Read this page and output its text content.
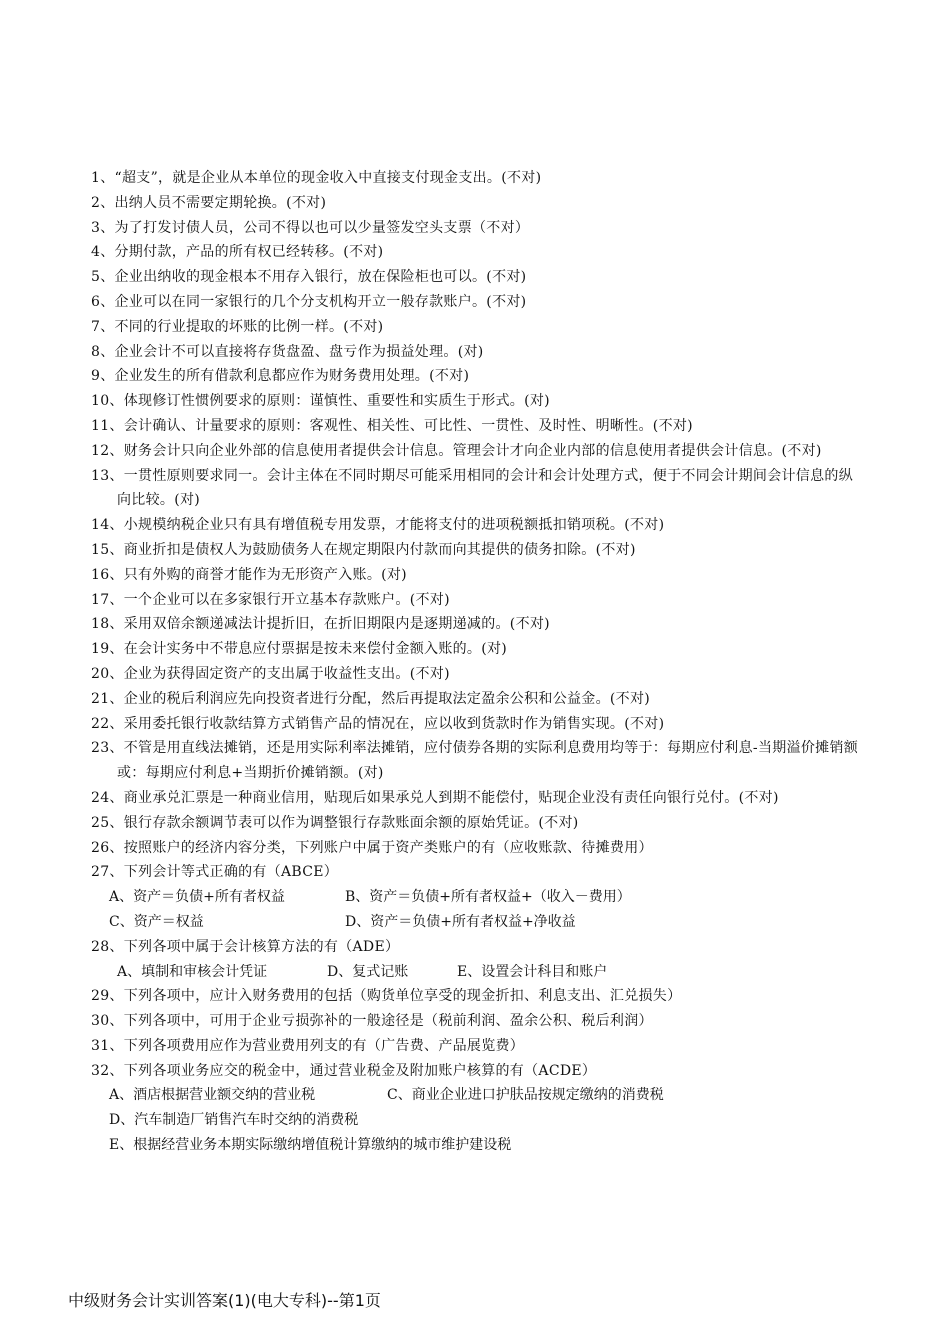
1、“超支”，就是企业从本单位的现金收入中直接支付现金支出。(不对)
2、出纳人员不需要定期轮换。(不对)
3、为了打发讨债人员，公司不得以也可以少量签发空头支票（不对）
4、分期付款，产品的所有权已经转移。(不对)
5、企业出纳收的现金根本不用存入银行，放在保险柜也可以。(不对)
6、企业可以在同一家银行的几个分支机构开立一般存款账户。(不对)
7、不同的行业提取的坏账的比例一样。(不对)
8、企业会计不可以直接将存货盘盈、盘亏作为损益处理。(对)
9、企业发生的所有借款利息都应作为财务费用处理。(不对)
10、体现修订性惯例要求的原则：谨慎性、重要性和实质生于形式。(对)
11、会计确认、计量要求的原则：客观性、相关性、可比性、一贯性、及时性、明晰性。(不对)
12、财务会计只向企业外部的信息使用者提供会计信息。管理会计才向企业内部的信息使用者提供会计信息。(不对)
13、一贯性原则要求同一。会计主体在不同时期尽可能采用相同的会计和会计处理方式，便于不同会计期间会计信息的纵向比较。(对)
14、小规模纳税企业只有具有增值税专用发票，才能将支付的进项税额抵扣销项税。(不对)
15、商业折扣是债权人为鼓励债务人在规定期限内付款而向其提供的债务扣除。(不对)
16、只有外购的商誉才能作为无形资产入账。(对)
17、一个企业可以在多家银行开立基本存款账户。(不对)
18、采用双倍余额递减法计提折旧，在折旧期限内是逐期递减的。(不对)
19、在会计实务中不带息应付票据是按未来偿付金额入账的。(对)
20、企业为获得固定资产的支出属于收益性支出。(不对)
21、企业的税后利润应先向投资者进行分配，然后再提取法定盈余公积和公益金。(不对)
22、采用委托银行收款结算方式销售产品的情况在，应以收到货款时作为销售实现。(不对)
23、不管是用直线法摊销，还是用实际利率法摊销，应付债券各期的实际利息费用均等于：每期应付利息-当期溢价摊销额或：每期应付利息+当期折价摊销额。(对)
24、商业承兑汇票是一种商业信用，贴现后如果承兑人到期不能偿付，贴现企业没有责任向银行兑付。(不对)
25、银行存款余额调节表可以作为调整银行存款账面余额的原始凭证。(不对)
26、按照账户的经济内容分类，下列账户中属于资产类账户的有（应收账款、待摊费用）
27、下列会计等式正确的有（ABCE）
A、资产＝负债+所有者权益	B、资产＝负债+所有者权益+（收入－费用）
C、资产＝权益	D、资产＝负债+所有者权益+净收益
28、下列各项中属于会计核算方法的有（ADE）
A、填制和审核会计凭证	D、复式记账	E、设置会计科目和账户
29、下列各项中，应计入财务费用的包括（购货单位享受的现金折扣、利息支出、汇兑损失）
30、下列各项中，可用于企业亏损弥补的一般途径是（税前利润、盈余公积、税后利润）
31、下列各项费用应作为营业费用列支的有（广告费、产品展览费）
32、下列各项业务应交的税金中，通过营业税金及附加账户核算的有（ACDE）
A、酒店根据营业额交纳的营业税	C、商业企业进口护肤品按规定缴纳的消费税
D、汽车制造厂销售汽车时交纳的消费税
E、根据经营业务本期实际缴纳增值税计算缴纳的城市维护建设税
中级财务会计实训答案(1)(电大专科)--第1页
